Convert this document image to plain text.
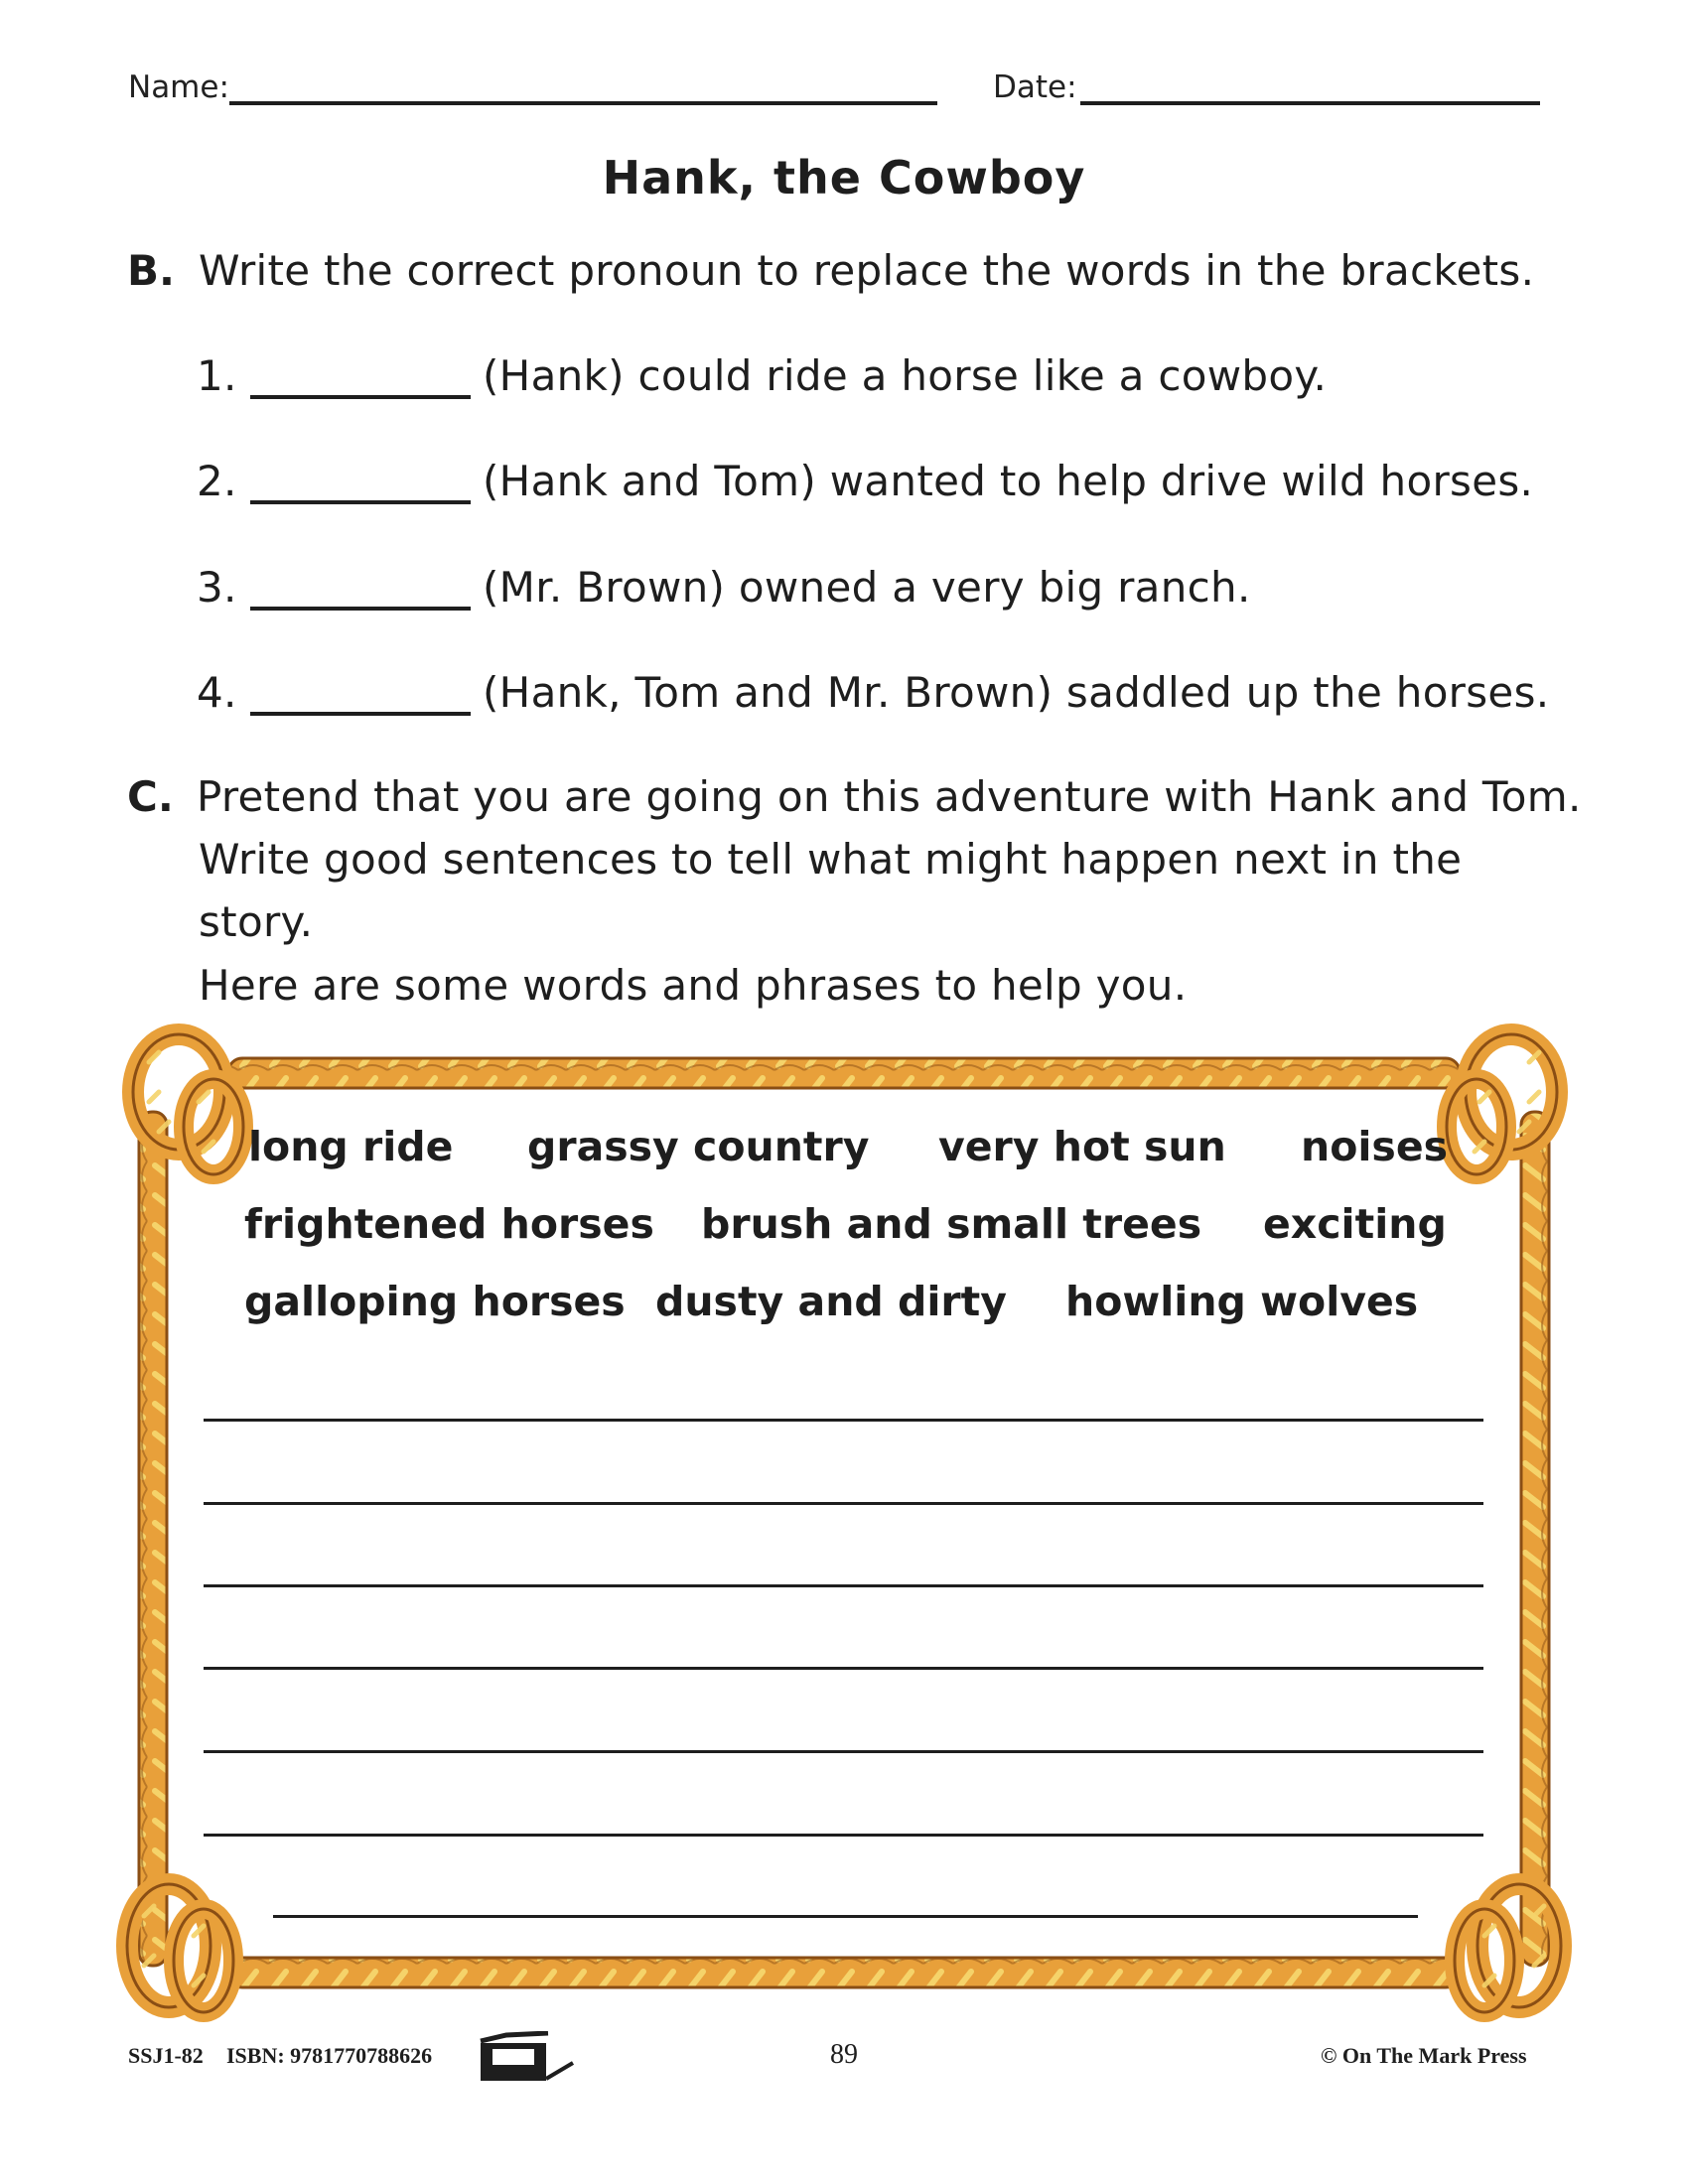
Name:	Date:
Hank, the Cowboy
B. Write the correct pronoun to replace the words in the brackets.
1.	(Hank) could ride a horse like a cowboy.
2.	(Hank and Tom) wanted to help drive wild horses.
3.	(Mr. Brown) owned a very big ranch.
4.	(Hank, Tom and Mr. Brown) saddled up the horses.
C. Pretend that you are going on this adventure with Hank and Tom.
Write good sentences to tell what might happen next in the
story.
Here are some words and phrases to help you.
long ride grassy country very hot sun noises
frightened horses brush and small trees exciting
galloping horses dusty and dirty howling wolves
SSJ1-82 ISBN: 9781770788626	89	© On The Mark Press
